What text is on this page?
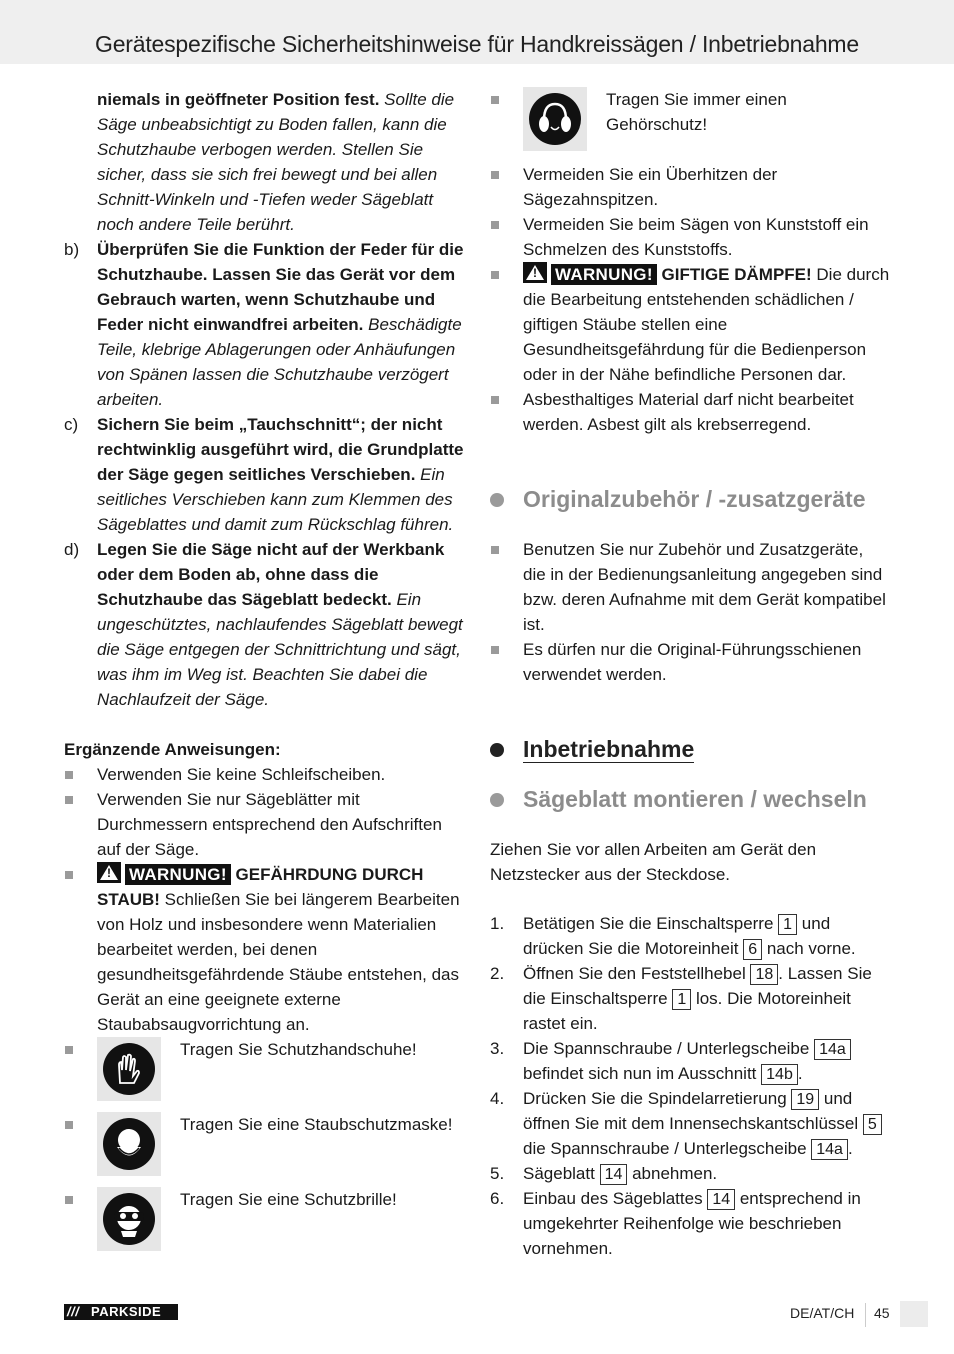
Gerätespezifische Sicherheitshinweise für Handkreissägen / Inbetriebnahme

niemals in geöffneter Position fest. Sollte die Säge unbeabsichtigt zu Boden fallen, kann die Schutzhaube verbogen werden. Stellen Sie sicher, dass sie sich frei bewegt und bei allen Schnitt-Winkeln und -Tiefen weder Sägeblatt noch andere Teile berührt.

b) Überprüfen Sie die Funktion der Feder für die Schutzhaube. Lassen Sie das Gerät vor dem Gebrauch warten, wenn Schutzhaube und Feder nicht einwandfrei arbeiten. Beschädigte Teile, klebrige Ablagerungen oder Anhäufungen von Spänen lassen die Schutzhaube verzögert arbeiten.

c) Sichern Sie beim „Tauchschnitt“; der nicht rechtwinklig ausgeführt wird, die Grundplatte der Säge gegen seitliches Verschieben. Ein seitliches Verschieben kann zum Klemmen des Sägeblattes und damit zum Rückschlag führen.

d) Legen Sie die Säge nicht auf der Werkbank oder dem Boden ab, ohne dass die Schutzhaube das Sägeblatt bedeckt. Ein ungeschütztes, nachlaufendes Sägeblatt bewegt die Säge entgegen der Schnittrichtung und sägt, was ihm im Weg ist. Beachten Sie dabei die Nachlaufzeit der Säge.

Ergänzende Anweisungen:

Verwenden Sie keine Schleifscheiben.

Verwenden Sie nur Sägeblätter mit Durchmessern entsprechend den Aufschriften auf der Säge.

!WARNUNG! GEFÄHRDUNG DURCH STAUB! Schließen Sie bei längerem Bearbeiten von Holz und insbesondere wenn Materialien bearbeitet werden, bei denen gesundheitsgefährdende Stäube entstehen, das Gerät an eine geeignete externe Staubabsaugvorrichtung an.

Tragen Sie Schutzhandschuhe!
Tragen Sie eine Staubschutzmaske!
Tragen Sie eine Schutzbrille!
Tragen Sie immer einen Gehörschutz!

Vermeiden Sie ein Überhitzen der Sägezahnspitzen.

Vermeiden Sie beim Sägen von Kunststoff ein Schmelzen des Kunststoffs.

!WARNUNG! GIFTIGE DÄMPFE! Die durch die Bearbeitung entstehenden schädlichen / giftigen Stäube stellen eine Gesundheitsgefährdung für die Bedienperson oder in der Nähe befindliche Personen dar.

Asbesthaltiges Material darf nicht bearbeitet werden. Asbest gilt als krebserregend.

Originalzubehör / -zusatzgeräte

Benutzen Sie nur Zubehör und Zusatzgeräte, die in der Bedienungsanleitung angegeben sind bzw. deren Aufnahme mit dem Gerät kompatibel ist.

Es dürfen nur die Original-Führungsschienen verwendet werden.

Inbetriebnahme
Sägeblatt montieren / wechseln

Ziehen Sie vor allen Arbeiten am Gerät den Netzstecker aus der Steckdose.

1. Betätigen Sie die Einschaltsperre 1 und drücken Sie die Motoreinheit 6 nach vorne.

2. Öffnen Sie den Feststellhebel 18 . Lassen Sie die Einschaltsperre 1 los. Die Motoreinheit rastet ein.

3. Die Spannschraube / Unterlegscheibe 14a befindet sich nun im Ausschnitt 14b .

4. Drücken Sie die Spindelarretierung 19 und öffnen Sie mit dem Innensechskantschlüssel 5 die Spannschraube / Unterlegscheibe 14a .

5. Sägeblatt 14 abnehmen.

6. Einbau des Sägeblattes 14 entsprechend in umgekehrter Reihenfolge wie beschrieben vornehmen.

/// PARKSIDE	DE/AT/CH 45
